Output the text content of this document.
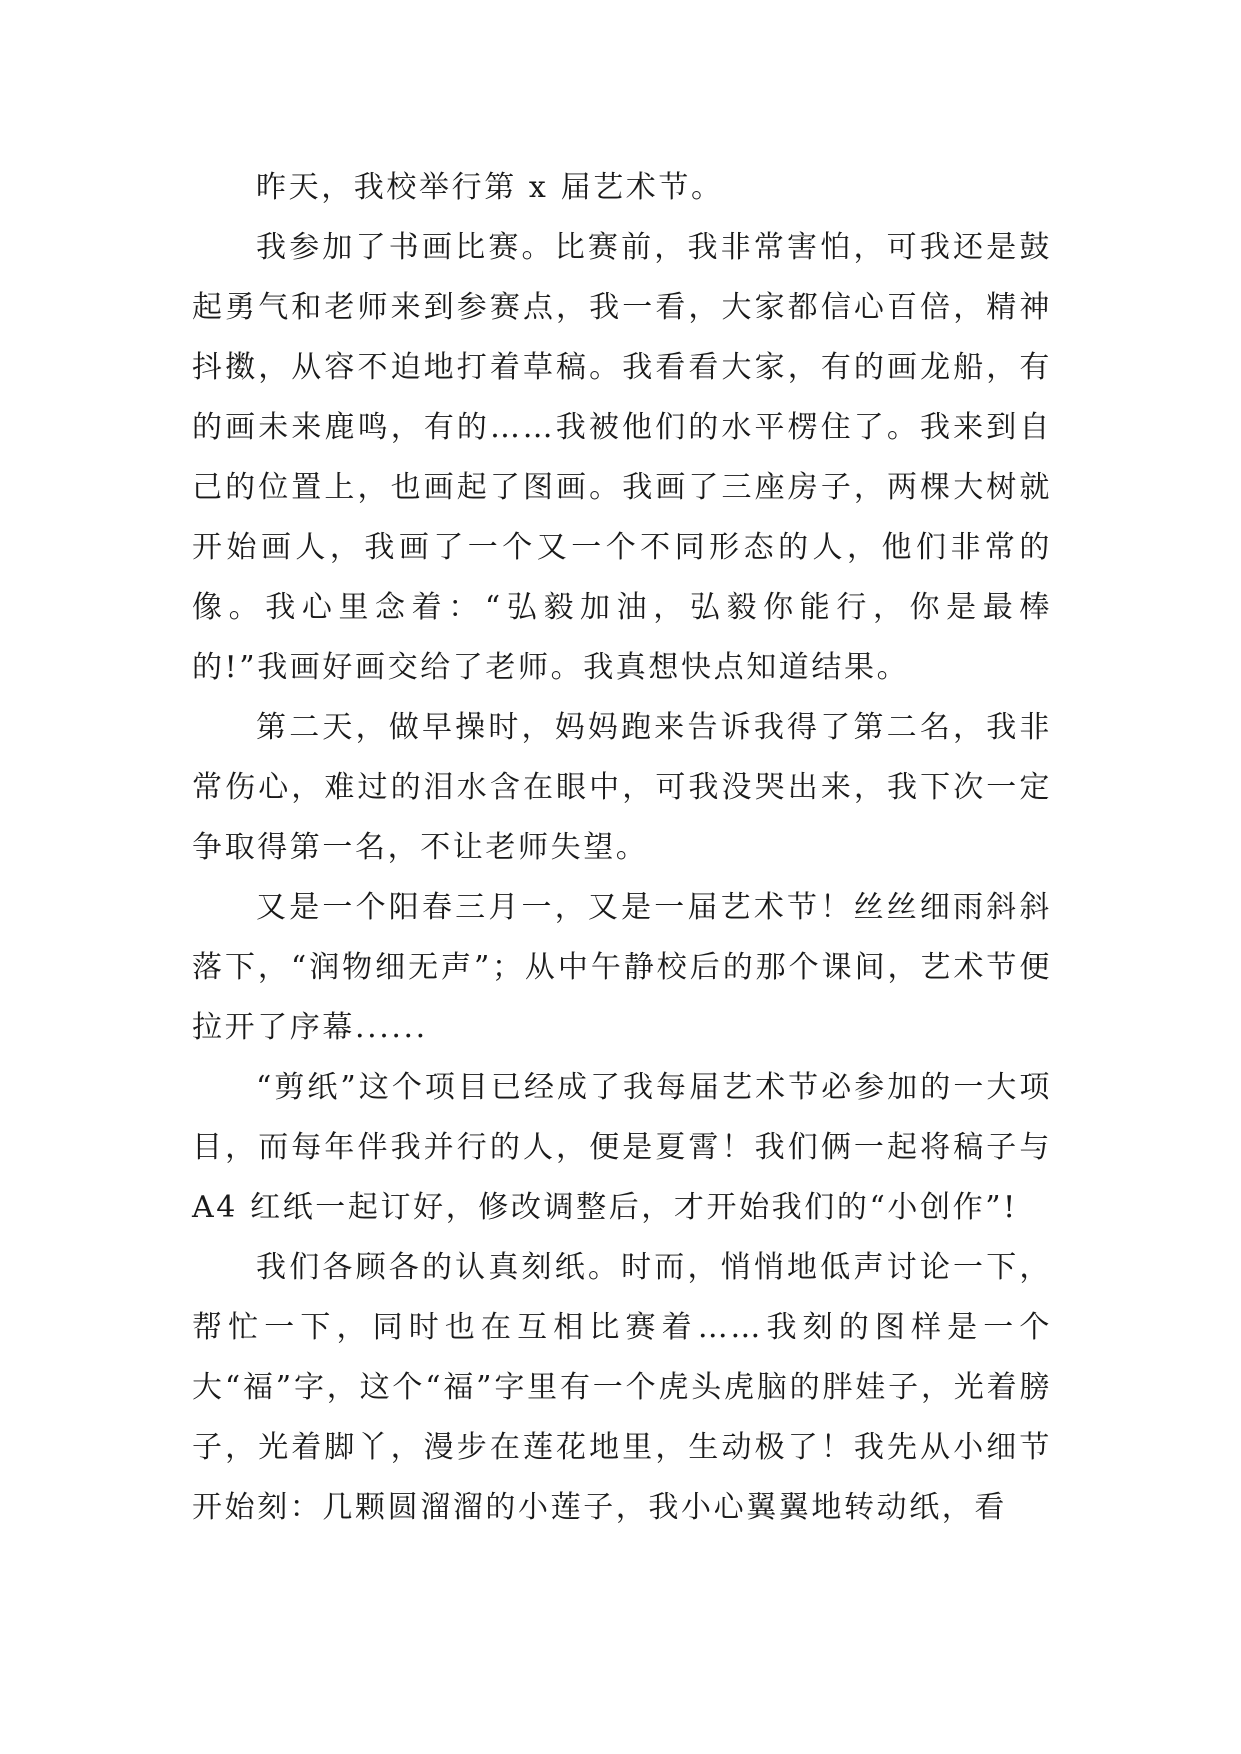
昨天，我校举行第 x 届艺术节。

我参加了书画比赛。比赛前，我非常害怕，可我还是鼓起勇气和老师来到参赛点，我一看，大家都信心百倍，精神抖擞，从容不迫地打着草稿。我看看大家，有的画龙船，有的画未来鹿鸣，有的……我被他们的水平楞住了。我来到自己的位置上，也画起了图画。我画了三座房子，两棵大树就开始画人，我画了一个又一个不同形态的人，他们非常的像。我心里念着：“弘毅加油，弘毅你能行，你是最棒的!”我画好画交给了老师。我真想快点知道结果。

第二天，做早操时，妈妈跑来告诉我得了第二名，我非常伤心，难过的泪水含在眼中，可我没哭出来，我下次一定争取得第一名，不让老师失望。

又是一个阳春三月一，又是一届艺术节！丝丝细雨斜斜落下，“润物细无声”；从中午静校后的那个课间，艺术节便拉开了序幕......

“剪纸”这个项目已经成了我每届艺术节必参加的一大项目，而每年伴我并行的人，便是夏霄！我们俩一起将稿子与 A4 红纸一起订好，修改调整后，才开始我们的“小创作”!

我们各顾各的认真刻纸。时而，悄悄地低声讨论一下，帮忙一下，同时也在互相比赛着……我刻的图样是一个大“福”字，这个“福”字里有一个虎头虎脑的胖娃子，光着膀子，光着脚丫，漫步在莲花地里，生动极了！我先从小细节开始刻：几颗圆溜溜的小莲子，我小心翼翼地转动纸，看
